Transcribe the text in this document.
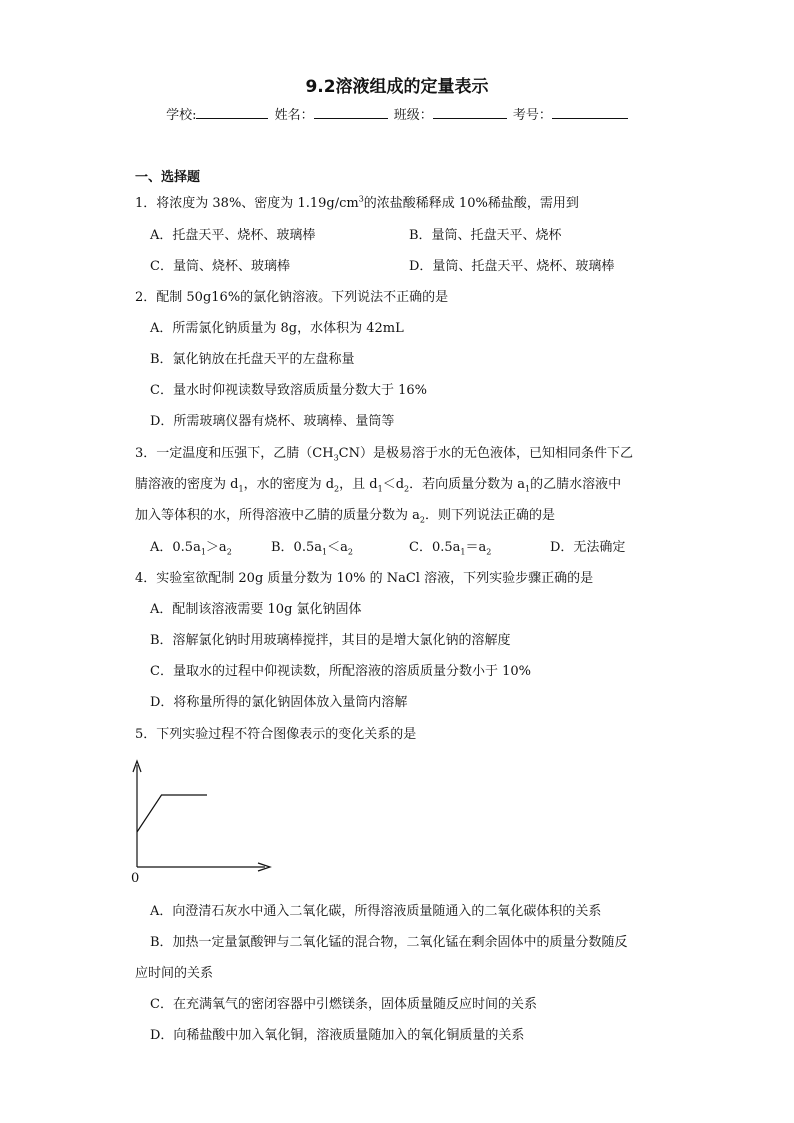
9.2溶液组成的定量表示
学校:	姓名：	班级：	考号：
一、选择题
1．将浓度为 38%、密度为 $1.19g/cm^3$的浓盐酸稀释成 10%稀盐酸，需用到
A．托盘天平、烧杯、玻璃棒	B．量筒、托盘天平、烧杯
C．量筒、烧杯、玻璃棒	D．量筒、托盘天平、烧杯、玻璃棒
2．配制 50g16%的氯化钠溶液。下列说法不正确的是
A．所需氯化钠质量为 8g，水体积为 42mL
B．氯化钠放在托盘天平的左盘称量
C．量水时仰视读数导致溶质质量分数大于 16%
D．所需玻璃仪器有烧杯、玻璃棒、量筒等
3．一定温度和压强下，乙腈$(CH_3CN)$是极易溶于水的无色液体，已知相同条件下乙
腈溶液的密度为 $d_1$，水的密度为 $d_2$，且 $d_1<d_2$．若向质量分数为 $a_1$的乙腈水溶液中
加入等体积的水，所得溶液中乙腈的质量分数为 $a_2$．则下列说法正确的是
A．$0.5a_1>a_2$	B．$0.5a_1<a_2$	C．$0.5a_1=a_2$	D．无法确定
4．实验室欲配制 20g 质量分数为 10% 的 NaCl 溶液，下列实验步骤正确的是
A．配制该溶液需要 10g 氯化钠固体
B．溶解氯化钠时用玻璃棒搅拌，其目的是增大氯化钠的溶解度
C．量取水的过程中仰视读数，所配溶液的溶质质量分数小于 10%
D．将称量所得的氯化钠固体放入量筒内溶解
5．下列实验过程不符合图像表示的变化关系的是
0
A．向澄清石灰水中通入二氧化碳，所得溶液质量随通入的二氧化碳体积的关系
B．加热一定量氯酸钾与二氧化锰的混合物，二氧化锰在剩余固体中的质量分数随反
应时间的关系
C．在充满氧气的密闭容器中引燃镁条，固体质量随反应时间的关系
D．向稀盐酸中加入氧化铜，溶液质量随加入的氧化铜质量的关系
